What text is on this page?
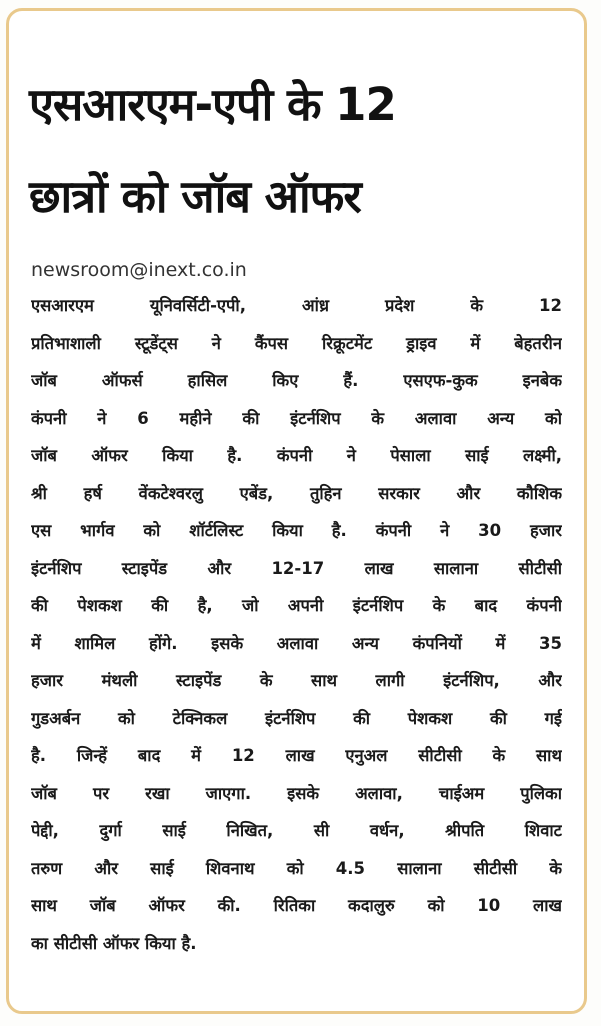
एसआरएम-एपी के 12
छात्रों को जॉब ऑफर
newsroom@inext.co.in
एसआरएम यूनिवर्सिटी-एपी, आंध्र प्रदेश के 12
प्रतिभाशाली स्टूडेंट्स ने कैंपस रिक्रूटमेंट ड्राइव में बेहतरीन
जॉब ऑफर्स हासिल किए हैं. एसएफ-कुक इनबेक
कंपनी ने 6 महीने की इंटर्नशिप के अलावा अन्य को
जॉब ऑफर किया है. कंपनी ने पेसाला साई लक्ष्मी,
श्री हर्ष वेंकटेश्वरलु एबेंड, तुहिन सरकार और कौशिक
एस भार्गव को शॉर्टलिस्ट किया है. कंपनी ने 30 हजार
इंटर्नशिप स्टाइपेंड और 12-17 लाख सालाना सीटीसी
की पेशकश की है, जो अपनी इंटर्नशिप के बाद कंपनी
में शामिल होंगे. इसके अलावा अन्य कंपनियों में 35
हजार मंथली स्टाइपेंड के साथ लागी इंटर्नशिप, और
गुडअर्बन को टेक्निकल इंटर्नशिप की पेशकश की गई
है. जिन्हें बाद में 12 लाख एनुअल सीटीसी के साथ
जॉब पर रखा जाएगा. इसके अलावा, चाईअम पुलिका
पेद्दी, दुर्गा साई निखित, सी वर्धन, श्रीपति शिवाट
तरुण और साई शिवनाथ को 4.5 सालाना सीटीसी के
साथ जॉब ऑफर की. रितिका कदालुरु को 10 लाख
का सीटीसी ऑफर किया है.
